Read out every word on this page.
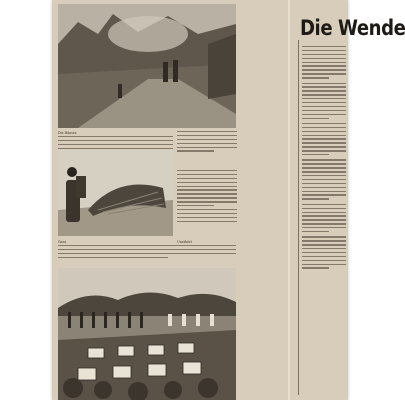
Die Häuser,
Ganz
Die Wende
Unerhört
